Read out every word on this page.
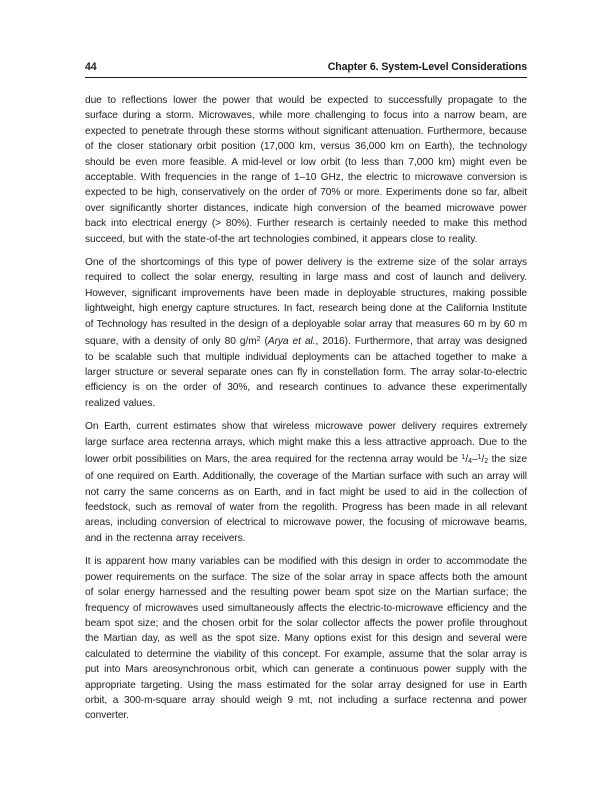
44	Chapter 6. System-Level Considerations

due to reflections lower the power that would be expected to successfully propagate to the surface during a storm. Microwaves, while more challenging to focus into a narrow beam, are expected to penetrate through these storms without significant attenuation. Furthermore, because of the closer stationary orbit position (17,000 km, versus 36,000 km on Earth), the technology should be even more feasible. A mid-level or low orbit (to less than 7,000 km) might even be acceptable. With frequencies in the range of 1–10 GHz, the electric to microwave conversion is expected to be high, conservatively on the order of 70% or more. Experiments done so far, albeit over significantly shorter distances, indicate high conversion of the beamed microwave power back into electrical energy (> 80%). Further research is certainly needed to make this method succeed, but with the state-of-the art technologies combined, it appears close to reality.

One of the shortcomings of this type of power delivery is the extreme size of the solar arrays required to collect the solar energy, resulting in large mass and cost of launch and delivery. However, significant improvements have been made in deployable structures, making possible lightweight, high energy capture structures. In fact, research being done at the California Institute of Technology has resulted in the design of a deployable solar array that measures 60 m by 60 m square, with a density of only 80 $g/m^2$ (Arya et al., 2016). Furthermore, that array was designed to be scalable such that multiple individual deployments can be attached together to make a larger structure or several separate ones can fly in constellation form. The array solar-to-electric efficiency is on the order of 30%, and research continues to advance these experimentally realized values.

On Earth, current estimates show that wireless microwave power delivery requires extremely large surface area rectenna arrays, which might make this a less attractive approach. Due to the lower orbit possibilities on Mars, the area required for the rectenna array would be $^1$/4–$^1$/2 the size of one required on Earth. Additionally, the coverage of the Martian surface with such an array will not carry the same concerns as on Earth, and in fact might be used to aid in the collection of feedstock, such as removal of water from the regolith. Progress has been made in all relevant areas, including conversion of electrical to microwave power, the focusing of microwave beams, and in the rectenna array receivers.

It is apparent how many variables can be modified with this design in order to accommodate the power requirements on the surface. The size of the solar array in space affects both the amount of solar energy harnessed and the resulting power beam spot size on the Martian surface; the frequency of microwaves used simultaneously affects the electric-to-microwave efficiency and the beam spot size; and the chosen orbit for the solar collector affects the power profile throughout the Martian day, as well as the spot size. Many options exist for this design and several were calculated to determine the viability of this concept. For example, assume that the solar array is put into Mars areosynchronous orbit, which can generate a continuous power supply with the appropriate targeting. Using the mass estimated for the solar array designed for use in Earth orbit, a 300-m-square array should weigh 9 mt, not including a surface rectenna and power converter.
